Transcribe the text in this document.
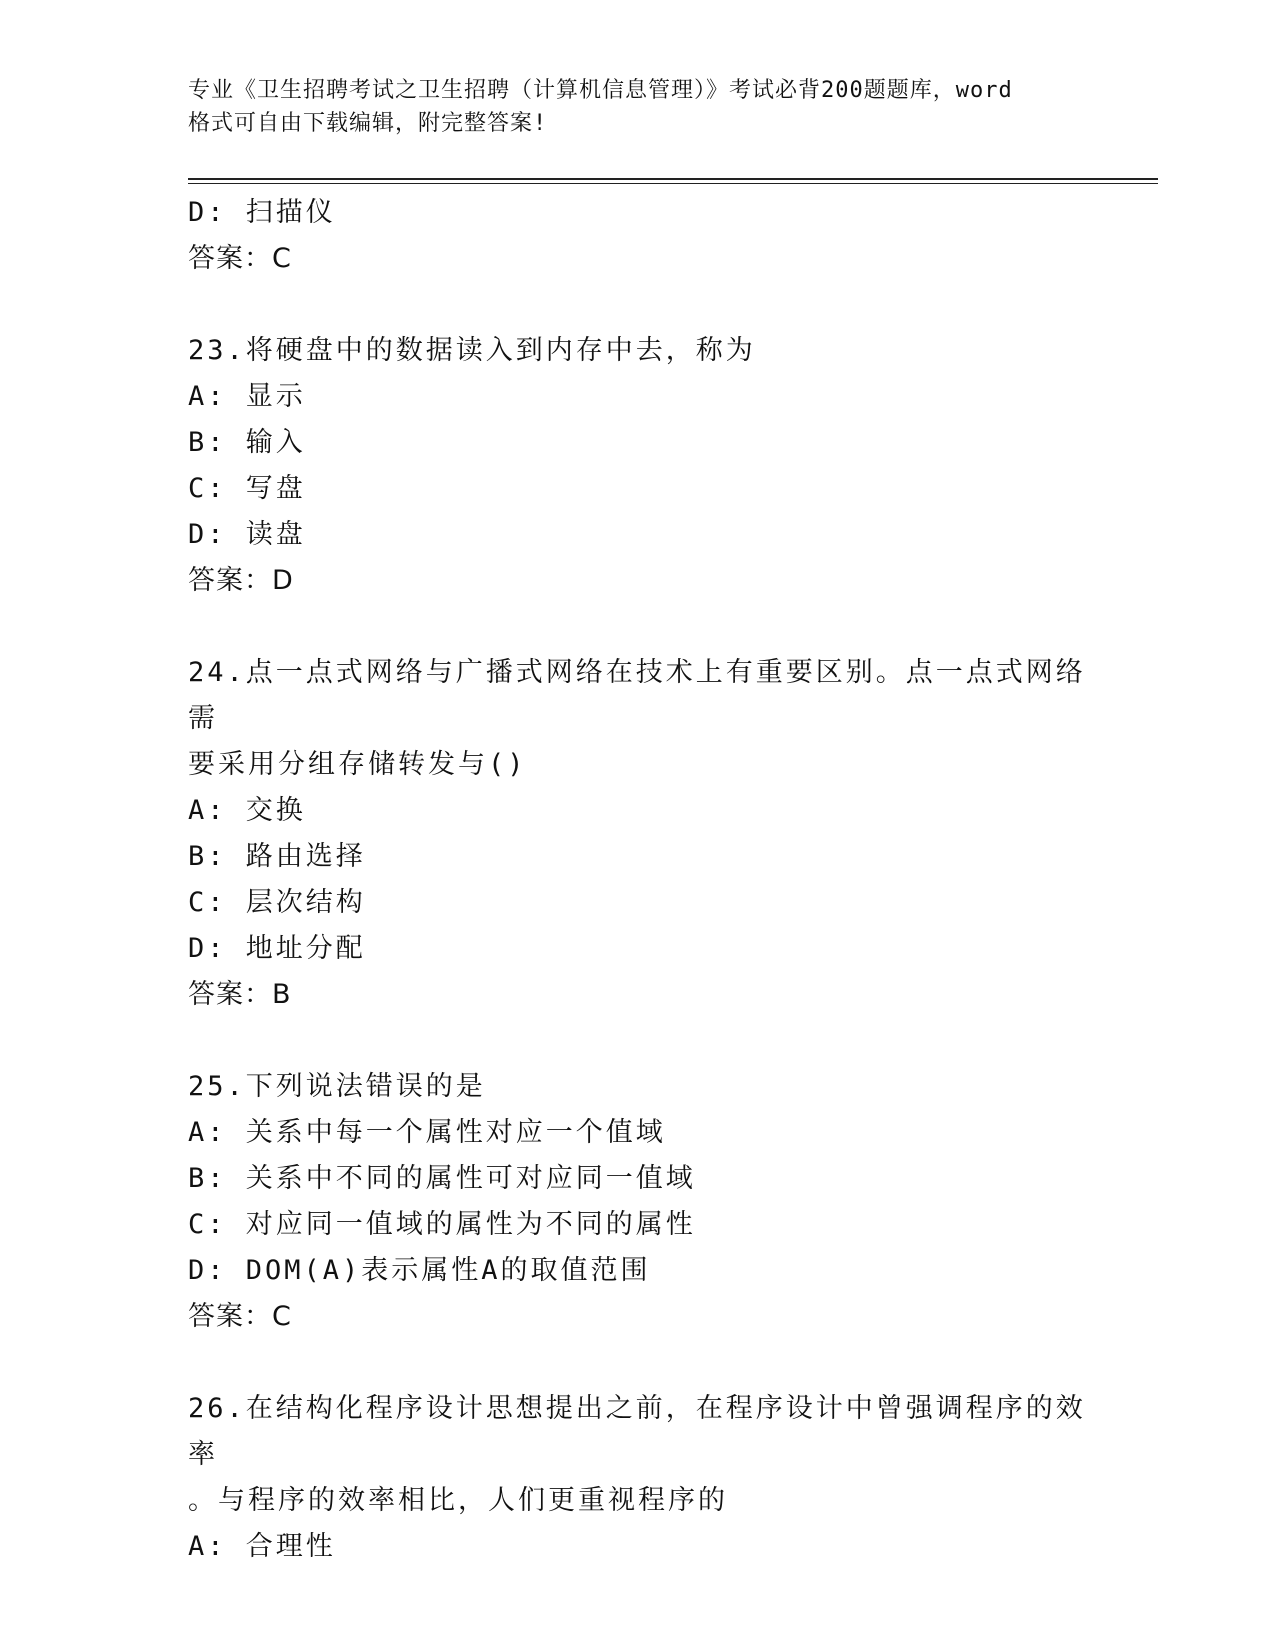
专业《卫生招聘考试之卫生招聘（计算机信息管理）》考试必背200题题库，word
格式可自由下载编辑，附完整答案!
D: 扫描仪
答案：C
23.将硬盘中的数据读入到内存中去，称为
A: 显示
B: 输入
C: 写盘
D: 读盘
答案：D
24.点一点式网络与广播式网络在技术上有重要区别。点一点式网络需
要采用分组存储转发与()
A: 交换
B: 路由选择
C: 层次结构
D: 地址分配
答案：B
25.下列说法错误的是
A: 关系中每一个属性对应一个值域
B: 关系中不同的属性可对应同一值域
C: 对应同一值域的属性为不同的属性
D: DOM(A)表示属性A的取值范围
答案：C
26.在结构化程序设计思想提出之前，在程序设计中曾强调程序的效率
。与程序的效率相比，人们更重视程序的
A: 合理性
